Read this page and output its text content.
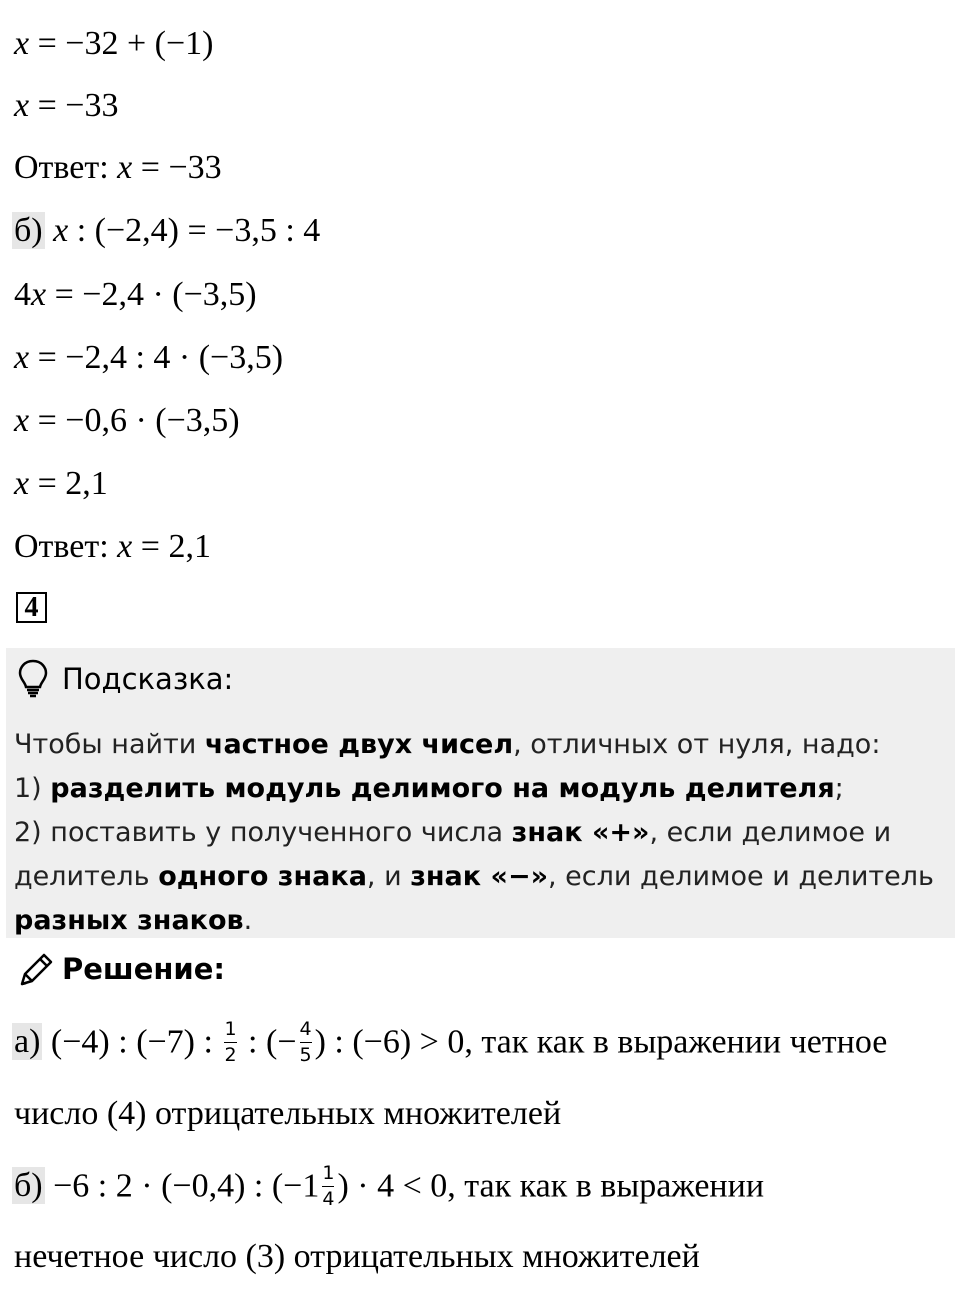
x = −32 + (−1)
x = −33
Ответ: x = −33
б) x : (−2,4) = −3,5 : 4
4x = −2,4 · (−3,5)
x = −2,4 : 4 · (−3,5)
x = −0,6 · (−3,5)
x = 2,1
Ответ: x = 2,1
4
Подсказка:
Чтобы найти частное двух чисел, отличных от нуля, надо:
1) разделить модуль делимого на модуль делителя;
2) поставить у полученного числа знак «+», если делимое и
делитель одного знака, и знак «−», если делимое и делитель
разных знаков.
Решение:
а) (−4) : (−7) : $\frac{1}{2}$ : (− $\frac{4}{5}$ ) : (−6) > 0, так как в выражении четное
число (4) отрицательных множителей
б) −6 : 2 · (−0,4) : ($-1 \frac{1}{4}$ ) · 4 < 0, так как в выражении
нечетное число (3) отрицательных множителей
